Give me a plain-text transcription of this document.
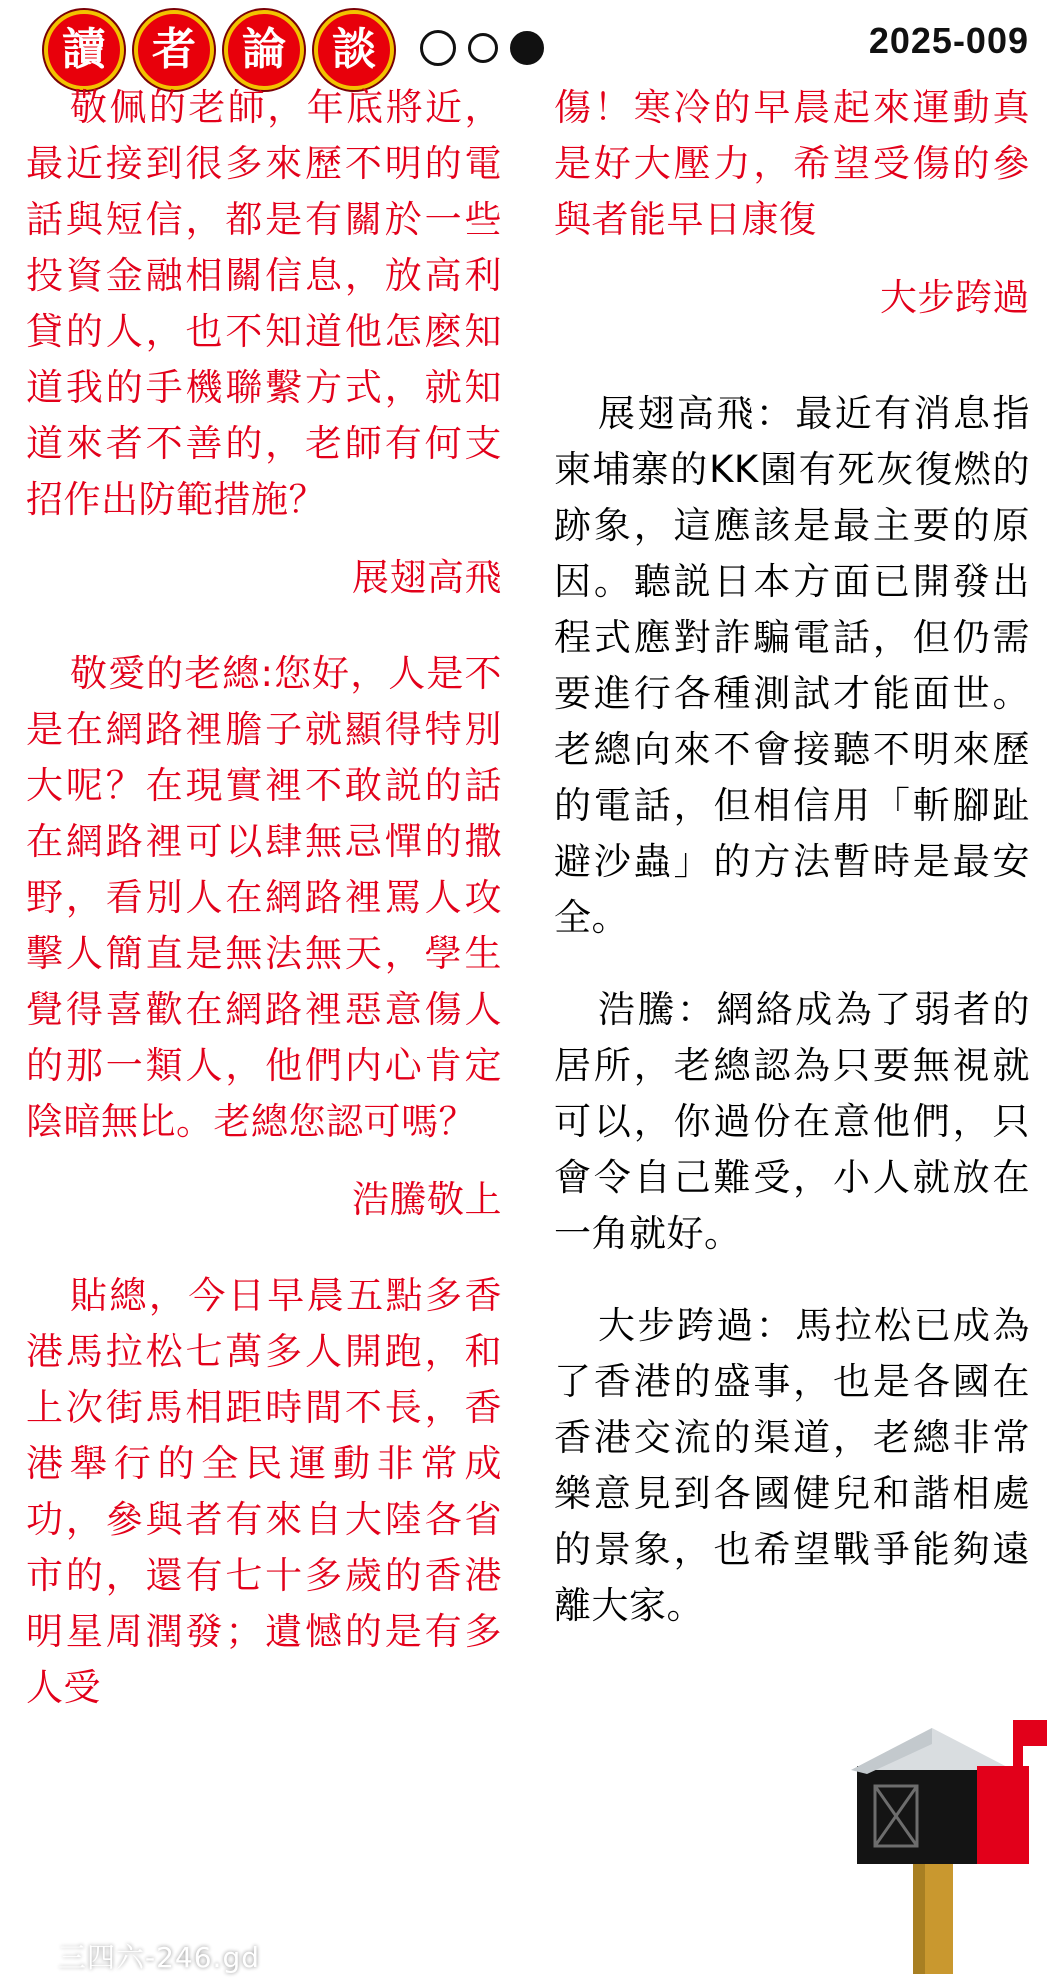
讀	者	論	談	2025-009

敬佩的老師，年底將近，最近接到很多來歷不明的電話與短信，都是有關於一些投資金融相關信息，放高利貸的人，也不知道他怎麽知道我的手機聯繫方式，就知道來者不善的，老師有何支招作出防範措施？

展翅高飛

敬愛的老總:您好，人是不是在網路裡膽子就顯得特別大呢？在現實裡不敢説的話在網路裡可以肆無忌憚的撒野，看別人在網路裡罵人攻擊人簡直是無法無天，學生覺得喜歡在網路裡惡意傷人的那一類人，他們内心肯定陰暗無比。老總您認可嗎？

浩騰敬上

貼總，今日早晨五點多香港馬拉松七萬多人開跑，和上次街馬相距時間不長，香港舉行的全民運動非常成功，參與者有來自大陸各省市的，還有七十多歲的香港明星周潤發；遺憾的是有多人受

傷！寒冷的早晨起來運動真是好大壓力，希望受傷的參與者能早日康復

大步跨過

展翅高飛：最近有消息指柬埔寨的KK園有死灰復燃的跡象，這應該是最主要的原因。聽説日本方面已開發出程式應對詐騙電話，但仍需要進行各種測試才能面世。老總向來不會接聽不明來歷的電話，但相信用「斬腳趾避沙蟲」的方法暫時是最安全。

浩騰：網絡成為了弱者的居所，老總認為只要無視就可以，你過份在意他們，只會令自己難受，小人就放在一角就好。

大步跨過：馬拉松已成為了香港的盛事，也是各國在香港交流的渠道，老總非常樂意見到各國健兒和諧相處的景象，也希望戰爭能夠遠離大家。

三四六-246.gd
